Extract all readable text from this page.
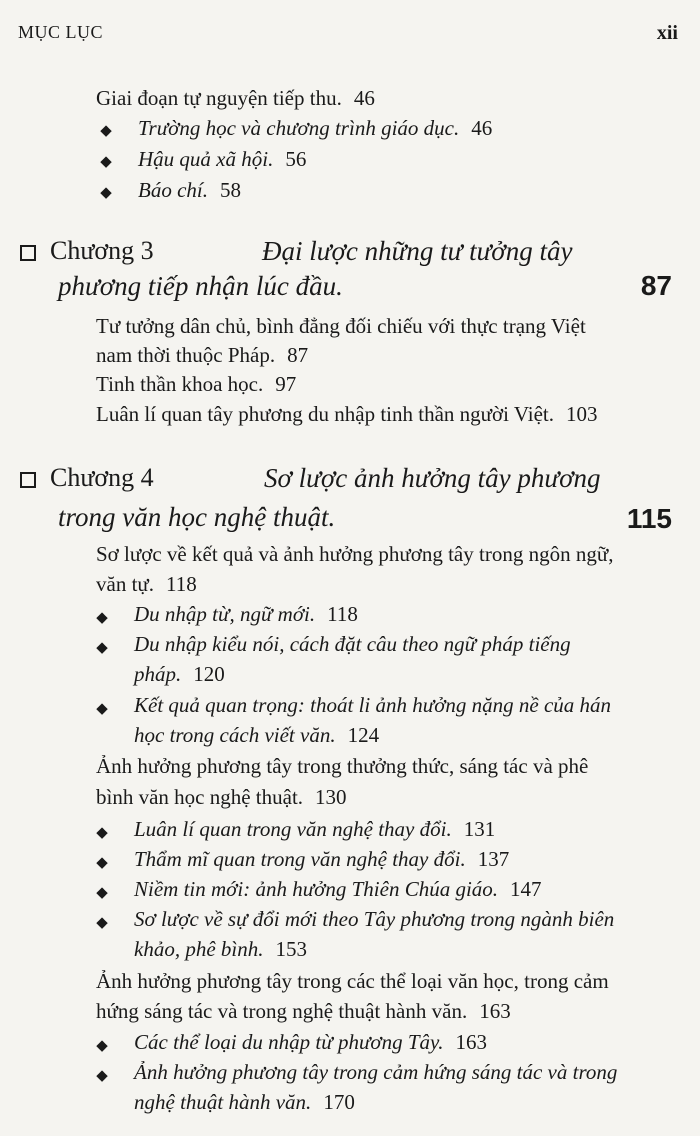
MỤC LỤC	xii
Giai đoạn tự nguyện tiếp thu. 46
◆ Trường học và chương trình giáo dục. 46
◆ Hậu quả xã hội. 56
◆ Báo chí. 58
Chương 3	Đại lược những tư tưởng tây
phương tiếp nhận lúc đầu.	87
Tư tưởng dân chủ, bình đẳng đối chiếu với thực trạng Việt
nam thời thuộc Pháp. 87
Tinh thần khoa học. 97
Luân lí quan tây phương du nhập tinh thần người Việt. 103
Chương 4	Sơ lược ảnh hưởng tây phương
trong văn học nghệ thuật.	115
Sơ lược về kết quả và ảnh hưởng phương tây trong ngôn ngữ,
văn tự. 118
◆ Du nhập từ, ngữ mới. 118
◆ Du nhập kiểu nói, cách đặt câu theo ngữ pháp tiếng
pháp. 120
◆ Kết quả quan trọng: thoát li ảnh hưởng nặng nề của hán
học trong cách viết văn. 124
Ảnh hưởng phương tây trong thưởng thức, sáng tác và phê
bình văn học nghệ thuật. 130
◆ Luân lí quan trong văn nghệ thay đổi. 131
◆ Thẩm mĩ quan trong văn nghệ thay đổi. 137
◆ Niềm tin mới: ảnh hưởng Thiên Chúa giáo. 147
◆ Sơ lược về sự đổi mới theo Tây phương trong ngành biên
khảo, phê bình. 153
Ảnh hưởng phương tây trong các thể loại văn học, trong cảm
hứng sáng tác và trong nghệ thuật hành văn. 163
◆ Các thể loại du nhập từ phương Tây. 163
◆ Ảnh hưởng phương tây trong cảm hứng sáng tác và trong
nghệ thuật hành văn. 170
